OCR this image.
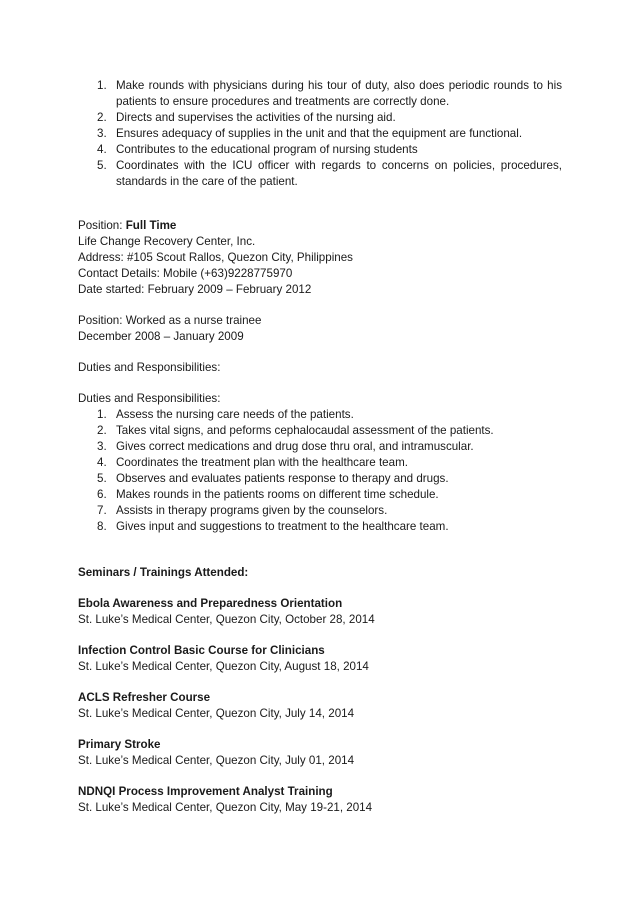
1. Make rounds with physicians during his tour of duty, also does periodic rounds to his patients to ensure procedures and treatments are correctly done.
2. Directs and supervises the activities of the nursing aid.
3. Ensures adequacy of supplies in the unit and that the equipment are functional.
4. Contributes to the educational program of nursing students
5. Coordinates with the ICU officer with regards to concerns on policies, procedures, standards in the care of the patient.
Position: Full Time
Life Change Recovery Center, Inc.
Address: #105 Scout Rallos, Quezon City, Philippines
Contact Details: Mobile (+63)9228775970
Date started: February 2009 – February 2012
Position: Worked as a nurse trainee
December 2008 – January 2009
Duties and Responsibilities:
Duties and Responsibilities:
1. Assess the nursing care needs of the patients.
2. Takes vital signs, and peforms cephalocaudal assessment of the patients.
3. Gives correct medications and drug dose thru oral, and intramuscular.
4. Coordinates the treatment plan with the healthcare team.
5. Observes and evaluates patients response to therapy and drugs.
6. Makes rounds in the patients rooms on different time schedule.
7. Assists in therapy programs given by the counselors.
8. Gives input and suggestions to treatment to the healthcare team.
Seminars / Trainings Attended:
Ebola Awareness and Preparedness Orientation
St. Luke’s Medical Center, Quezon City, October 28, 2014
Infection Control Basic Course for Clinicians
St. Luke’s Medical Center, Quezon City, August 18, 2014
ACLS Refresher Course
St. Luke’s Medical Center, Quezon City, July 14, 2014
Primary Stroke
St. Luke’s Medical Center, Quezon City, July 01, 2014
NDNQI Process Improvement Analyst Training
St. Luke’s Medical Center, Quezon City, May 19-21, 2014
